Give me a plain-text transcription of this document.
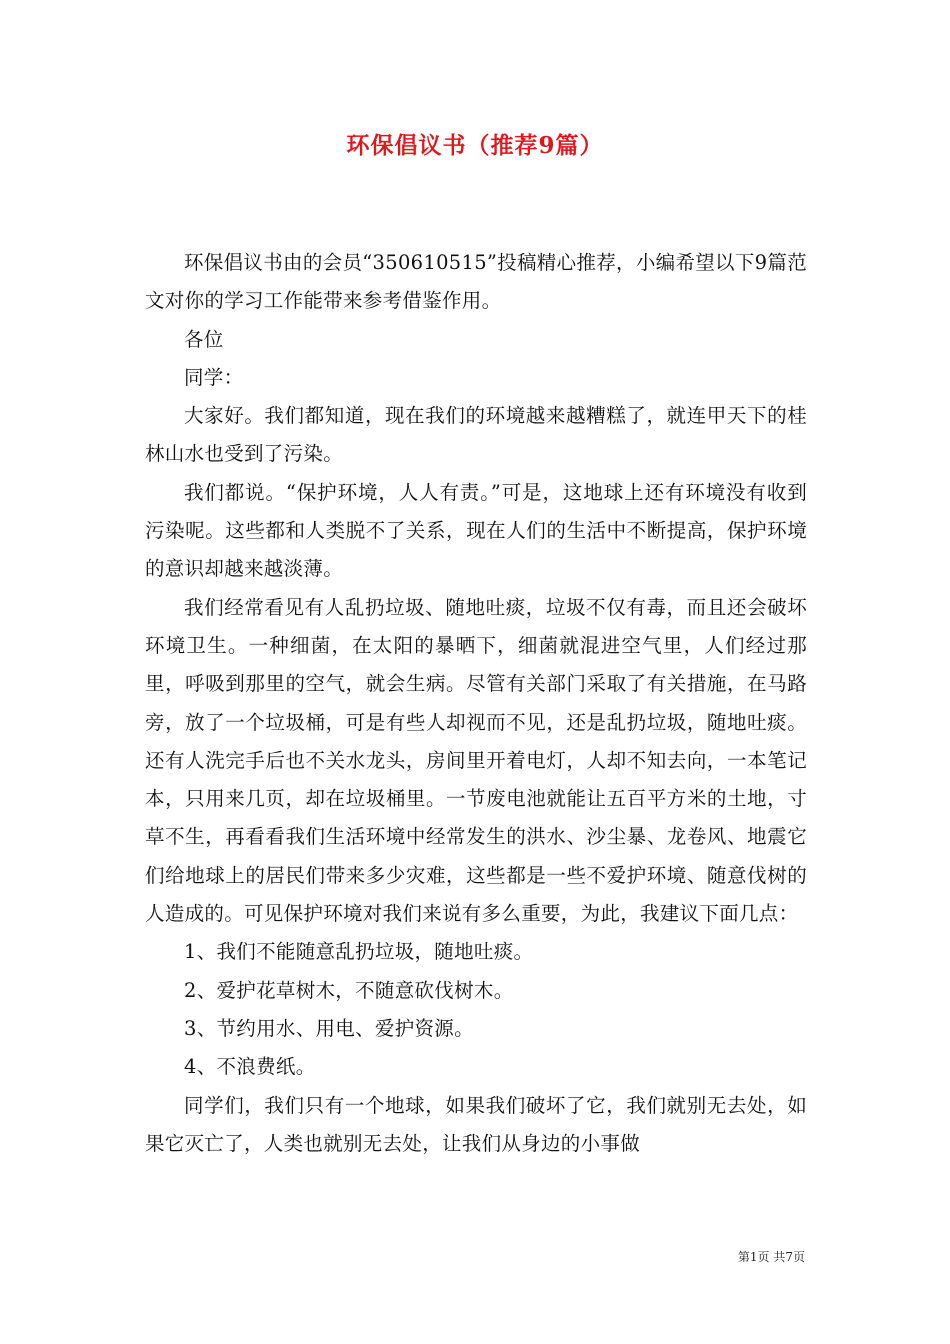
环保倡议书（推荐9篇）

环保倡议书由的会员“350610515”投稿精心推荐，小编希望以下9篇范文对你的学习工作能带来参考借鉴作用。

各位

同学：

大家好。我们都知道，现在我们的环境越来越糟糕了，就连甲天下的桂林山水也受到了污染。

我们都说。“保护环境，人人有责。”可是，这地球上还有环境没有收到污染呢。这些都和人类脱不了关系，现在人们的生活中不断提高，保护环境的意识却越来越淡薄。

我们经常看见有人乱扔垃圾、随地吐痰，垃圾不仅有毒，而且还会破坏环境卫生。一种细菌，在太阳的暴晒下，细菌就混进空气里，人们经过那里，呼吸到那里的空气，就会生病。尽管有关部门采取了有关措施，在马路旁，放了一个垃圾桶，可是有些人却视而不见，还是乱扔垃圾，随地吐痰。还有人洗完手后也不关水龙头，房间里开着电灯，人却不知去向，一本笔记本，只用来几页，却在垃圾桶里。一节废电池就能让五百平方米的土地，寸草不生，再看看我们生活环境中经常发生的洪水、沙尘暴、龙卷风、地震它们给地球上的居民们带来多少灾难，这些都是一些不爱护环境、随意伐树的人造成的。可见保护环境对我们来说有多么重要，为此，我建议下面几点：

1、我们不能随意乱扔垃圾，随地吐痰。

2、爱护花草树木，不随意砍伐树木。

3、节约用水、用电、爱护资源。

4、不浪费纸。

同学们，我们只有一个地球，如果我们破坏了它，我们就别无去处，如果它灭亡了，人类也就别无去处，让我们从身边的小事做

第1页 共7页
